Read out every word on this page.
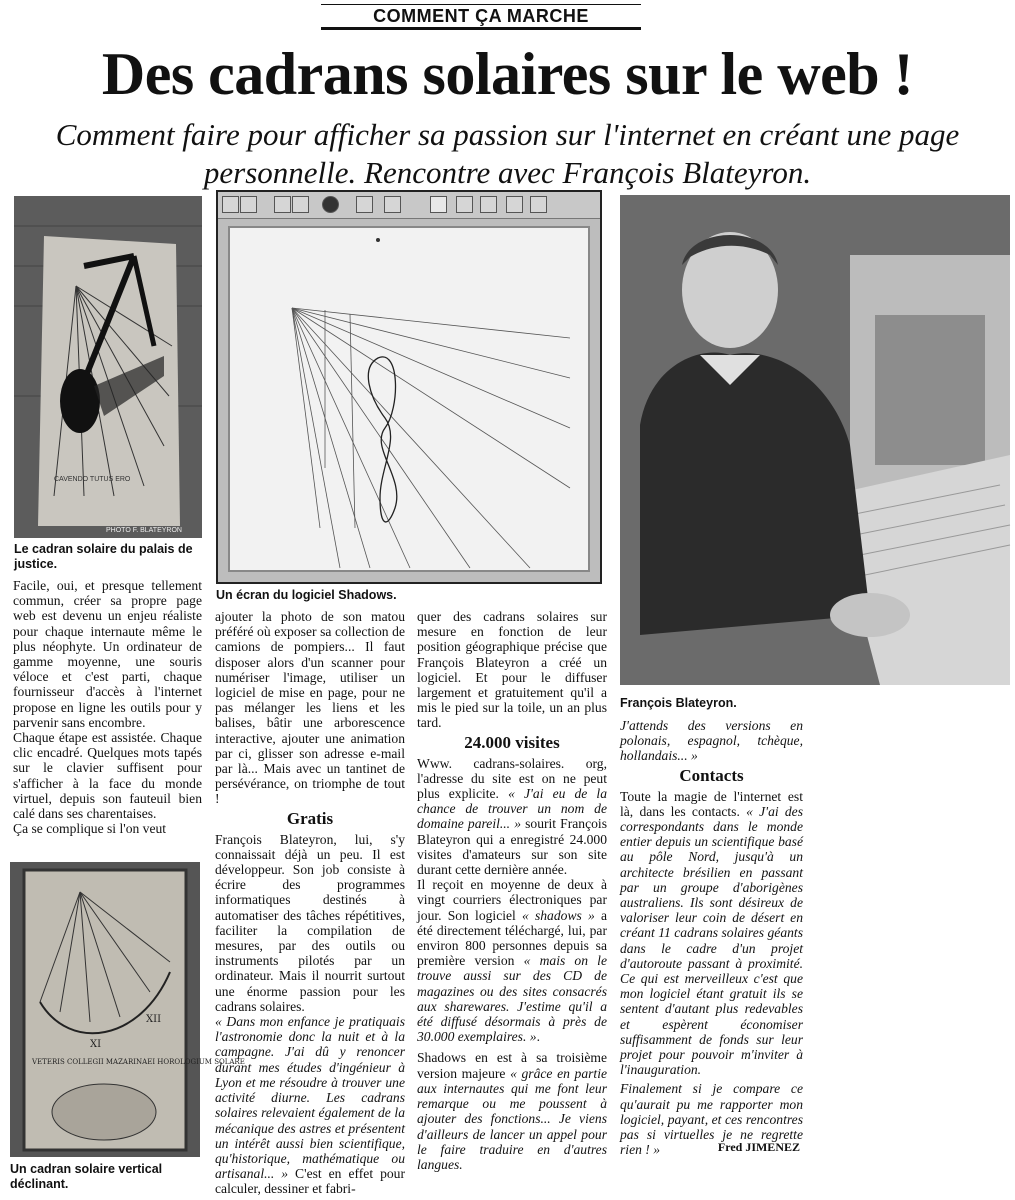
COMMENT ÇA MARCHE
Des cadrans solaires sur le web !
Comment faire pour afficher sa passion sur l'internet en créant une page personnelle. Rencontre avec François Blateyron.
CAVENDO TUTUS ERO
PHOTO F. BLATEYRON
Le cadran solaire du palais de justice.
Un écran du logiciel Shadows.
François Blateyron.
XI
XII
VETERIS COLLEGII MAZARINAEI HOROLOGIUM SOLARE
Un cadran solaire vertical déclinant.

Facile, oui, et presque tellement commun, créer sa propre page web est devenu un enjeu réaliste pour chaque internaute même le plus néophyte. Un ordinateur de gamme moyenne, une souris véloce et c'est parti, chaque fournisseur d'accès à l'internet propose en ligne les outils pour y parvenir sans encombre.

Chaque étape est assistée. Chaque clic encadré. Quelques mots tapés sur le clavier suffisent pour s'afficher à la face du monde virtuel, depuis son fauteuil bien calé dans ses charentaises.

Ça se complique si l'on veut

ajouter la photo de son matou préféré où exposer sa collection de camions de pompiers... Il faut disposer alors d'un scanner pour numériser l'image, utiliser un logiciel de mise en page, pour ne pas mélanger les liens et les balises, bâtir une arborescence interactive, ajouter une animation par ci, glisser son adresse e-mail par là... Mais avec un tantinet de persévérance, on triomphe de tout !

Gratis

François Blateyron, lui, s'y connaissait déjà un peu. Il est développeur. Son job consiste à écrire des programmes informatiques destinés à automatiser des tâches répétitives, faciliter la compilation de mesures, par des outils ou instruments pilotés par un ordinateur. Mais il nourrit surtout une énorme passion pour les cadrans solaires.

« Dans mon enfance je pratiquais l'astronomie donc la nuit et à la campagne. J'ai dû y renoncer durant mes études d'ingénieur à Lyon et me résoudre à trouver une activité diurne. Les cadrans solaires relevaient également de la mécanique des astres et présentent un intérêt aussi bien scientifique, qu'historique, mathématique ou artisanal... » C'est en effet pour calculer, dessiner et fabri-

quer des cadrans solaires sur mesure en fonction de leur position géographique précise que François Blateyron a créé un logiciel. Et pour le diffuser largement et gratuitement qu'il a mis le pied sur la toile, un an plus tard.

24.000 visites

Www. cadrans-solaires. org, l'adresse du site est on ne peut plus explicite. « J'ai eu de la chance de trouver un nom de domaine pareil... » sourit François Blateyron qui a enregistré 24.000 visites d'amateurs sur son site durant cette dernière année.

Il reçoit en moyenne de deux à vingt courriers électroniques par jour. Son logiciel « shadows » a été directement téléchargé, lui, par environ 800 personnes depuis sa première version « mais on le trouve aussi sur des CD de magazines ou des sites consacrés aux sharewares. J'estime qu'il a été diffusé désormais à près de 30.000 exemplaires. ».

Shadows en est à sa troisième version majeure « grâce en partie aux internautes qui me font leur remarque ou me poussent à ajouter des fonctions... Je viens d'ailleurs de lancer un appel pour le faire traduire en d'autres langues.

J'attends des versions en polonais, espagnol, tchèque, hollandais... »

Contacts

Toute la magie de l'internet est là, dans les contacts. « J'ai des correspondants dans le monde entier depuis un scientifique basé au pôle Nord, jusqu'à un architecte brésilien en passant par un groupe d'aborigènes australiens. Ils sont désireux de valoriser leur coin de désert en créant 11 cadrans solaires géants dans le cadre d'un projet d'autoroute passant à proximité. Ce qui est merveilleux c'est que mon logiciel étant gratuit ils se sentent d'autant plus redevables et espèrent économiser suffisamment de fonds sur leur projet pour pouvoir m'inviter à l'inauguration.

Finalement si je compare ce qu'aurait pu me rapporter mon logiciel, payant, et ces rencontres pas si virtuelles je ne regrette rien ! »	Fred JIMENEZ
